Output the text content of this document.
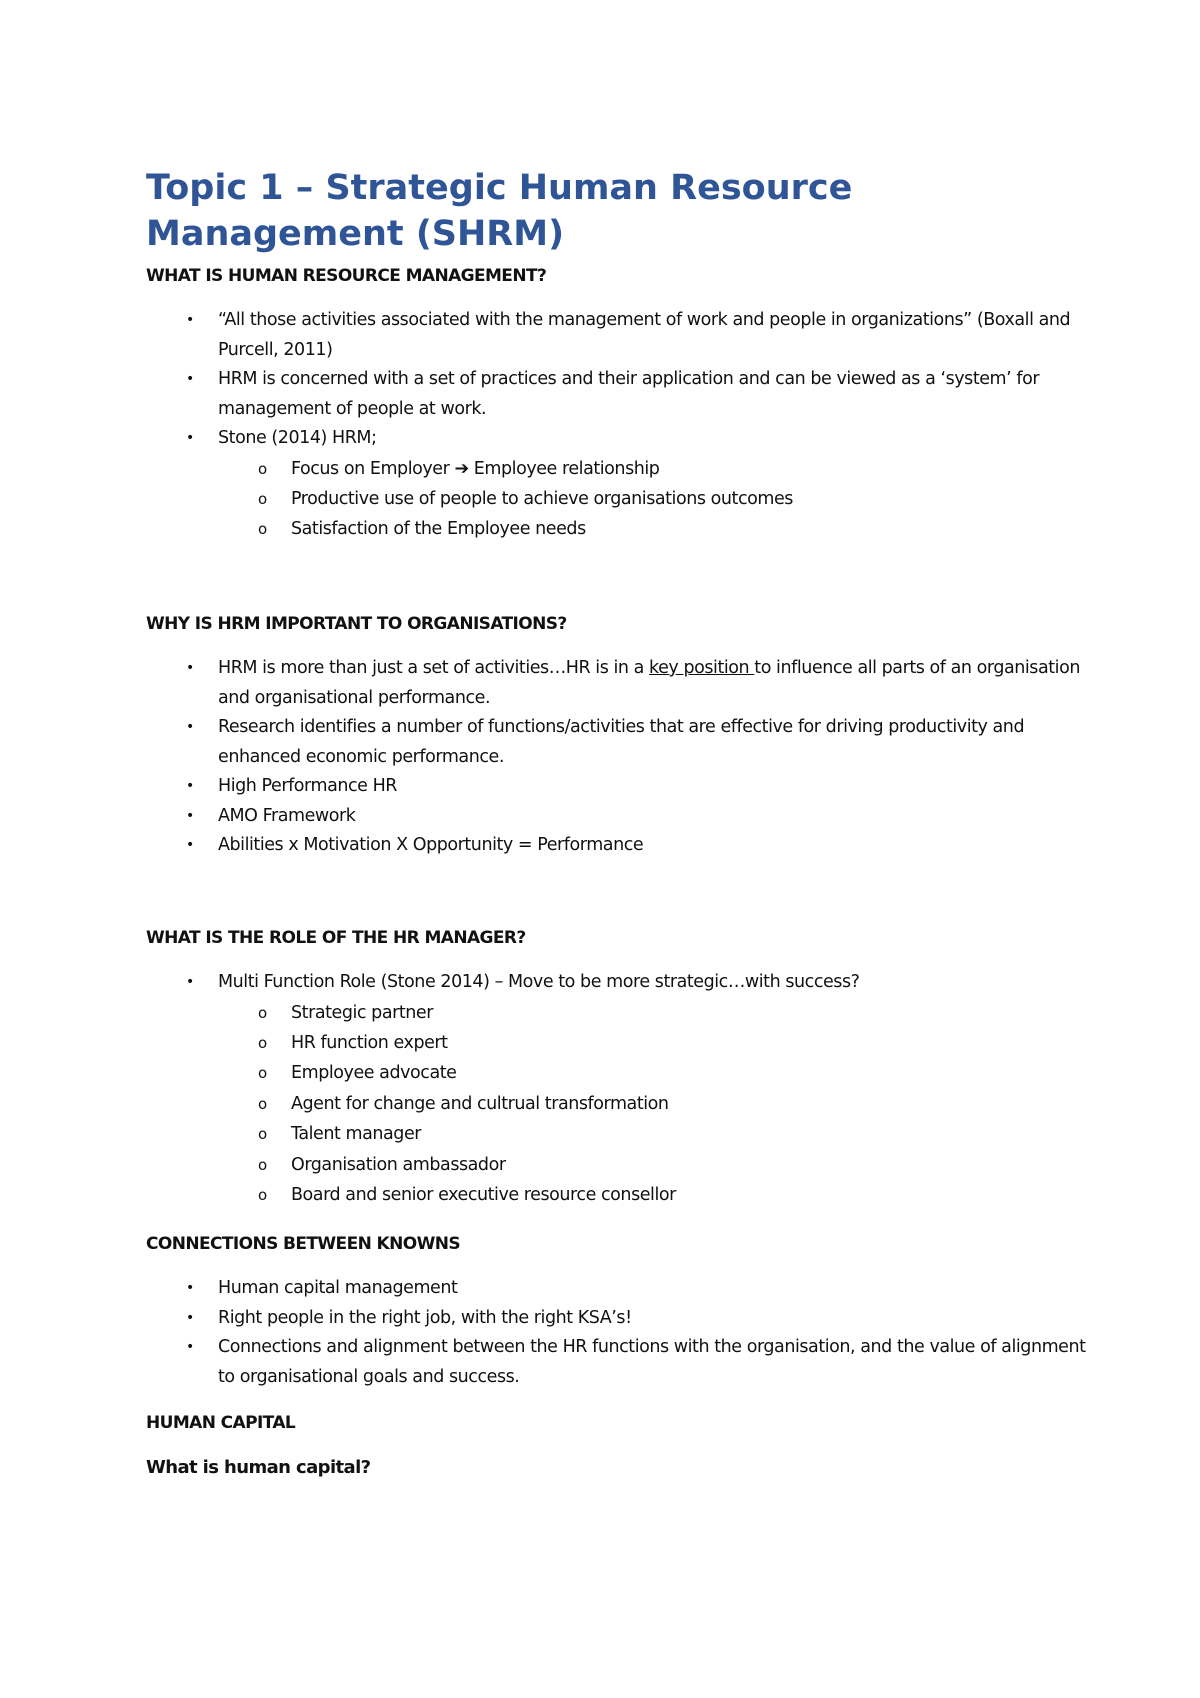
Topic 1 – Strategic Human Resource Management (SHRM)
WHAT IS HUMAN RESOURCE MANAGEMENT?
• “All those activities associated with the management of work and people in organizations” (Boxall and Purcell, 2011)
• HRM is concerned with a set of practices and their application and can be viewed as a ‘system’ for management of people at work.
• Stone (2014) HRM;
o Focus on Employer ➔ Employee relationship
o Productive use of people to achieve organisations outcomes
o Satisfaction of the Employee needs
WHY IS HRM IMPORTANT TO ORGANISATIONS?
• HRM is more than just a set of activities…HR is in a key position to influence all parts of an organisation and organisational performance.
• Research identifies a number of functions/activities that are effective for driving productivity and enhanced economic performance.
• High Performance HR
• AMO Framework
• Abilities x Motivation X Opportunity = Performance
WHAT IS THE ROLE OF THE HR MANAGER?
• Multi Function Role (Stone 2014) – Move to be more strategic…with success?
o Strategic partner
o HR function expert
o Employee advocate
o Agent for change and cultrual transformation
o Talent manager
o Organisation ambassador
o Board and senior executive resource consellor
CONNECTIONS BETWEEN KNOWNS
• Human capital management
• Right people in the right job, with the right KSA’s!
• Connections and alignment between the HR functions with the organisation, and the value of alignment to organisational goals and success.
HUMAN CAPITAL
What is human capital?
